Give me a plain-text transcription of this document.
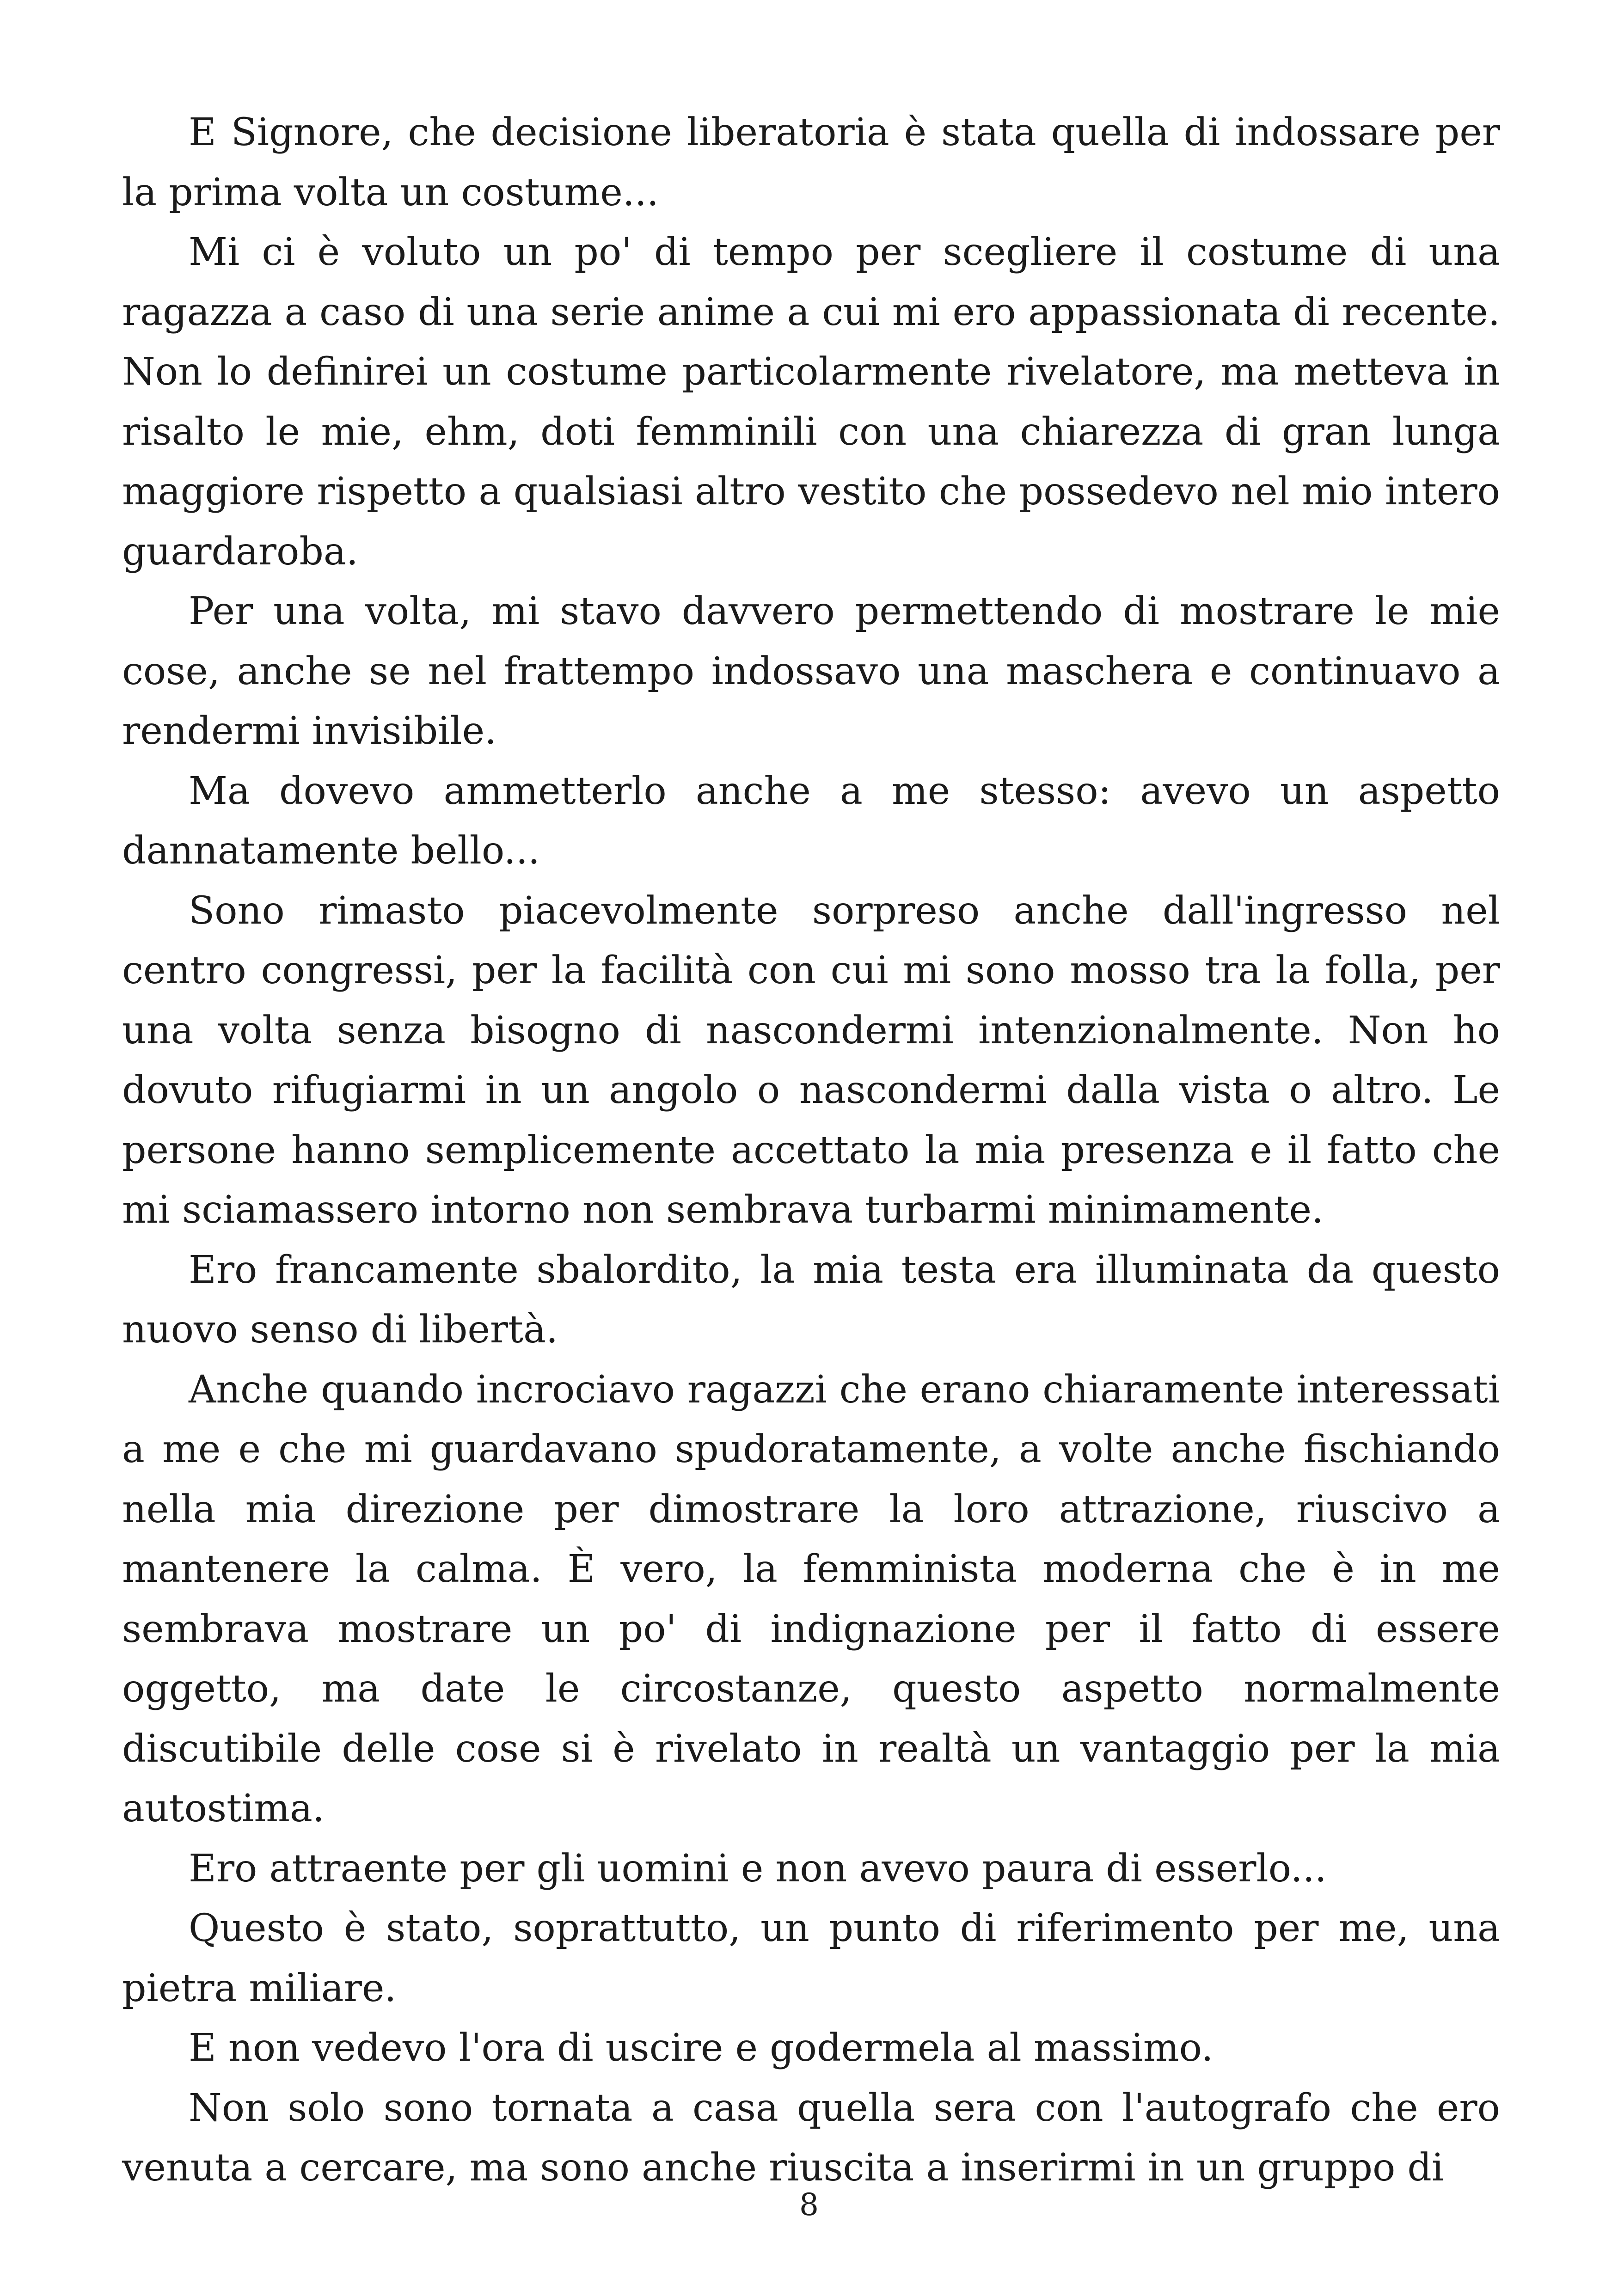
E Signore, che decisione liberatoria è stata quella di indossare per la prima volta un costume...

Mi ci è voluto un po' di tempo per scegliere il costume di una ragazza a caso di una serie anime a cui mi ero appassionata di recente. Non lo definirei un costume particolarmente rivelatore, ma metteva in risalto le mie, ehm, doti femminili con una chiarezza di gran lunga maggiore rispetto a qualsiasi altro vestito che possedevo nel mio intero guardaroba.

Per una volta, mi stavo davvero permettendo di mostrare le mie cose, anche se nel frattempo indossavo una maschera e continuavo a rendermi invisibile.

Ma dovevo ammetterlo anche a me stesso: avevo un aspetto dannatamente bello...

Sono rimasto piacevolmente sorpreso anche dall'ingresso nel centro congressi, per la facilità con cui mi sono mosso tra la folla, per una volta senza bisogno di nascondermi intenzionalmente. Non ho dovuto rifugiarmi in un angolo o nascondermi dalla vista o altro. Le persone hanno semplicemente accettato la mia presenza e il fatto che mi sciamassero intorno non sembrava turbarmi minimamente.

Ero francamente sbalordito, la mia testa era illuminata da questo nuovo senso di libertà.

Anche quando incrociavo ragazzi che erano chiaramente interessati a me e che mi guardavano spudoratamente, a volte anche fischiando nella mia direzione per dimostrare la loro attrazione, riuscivo a mantenere la calma. È vero, la femminista moderna che è in me sembrava mostrare un po' di indignazione per il fatto di essere oggetto, ma date le circostanze, questo aspetto normalmente discutibile delle cose si è rivelato in realtà un vantaggio per la mia autostima.

Ero attraente per gli uomini e non avevo paura di esserlo...

Questo è stato, soprattutto, un punto di riferimento per me, una pietra miliare.

E non vedevo l'ora di uscire e godermela al massimo.

Non solo sono tornata a casa quella sera con l'autografo che ero venuta a cercare, ma sono anche riuscita a inserirmi in un gruppo di

8
